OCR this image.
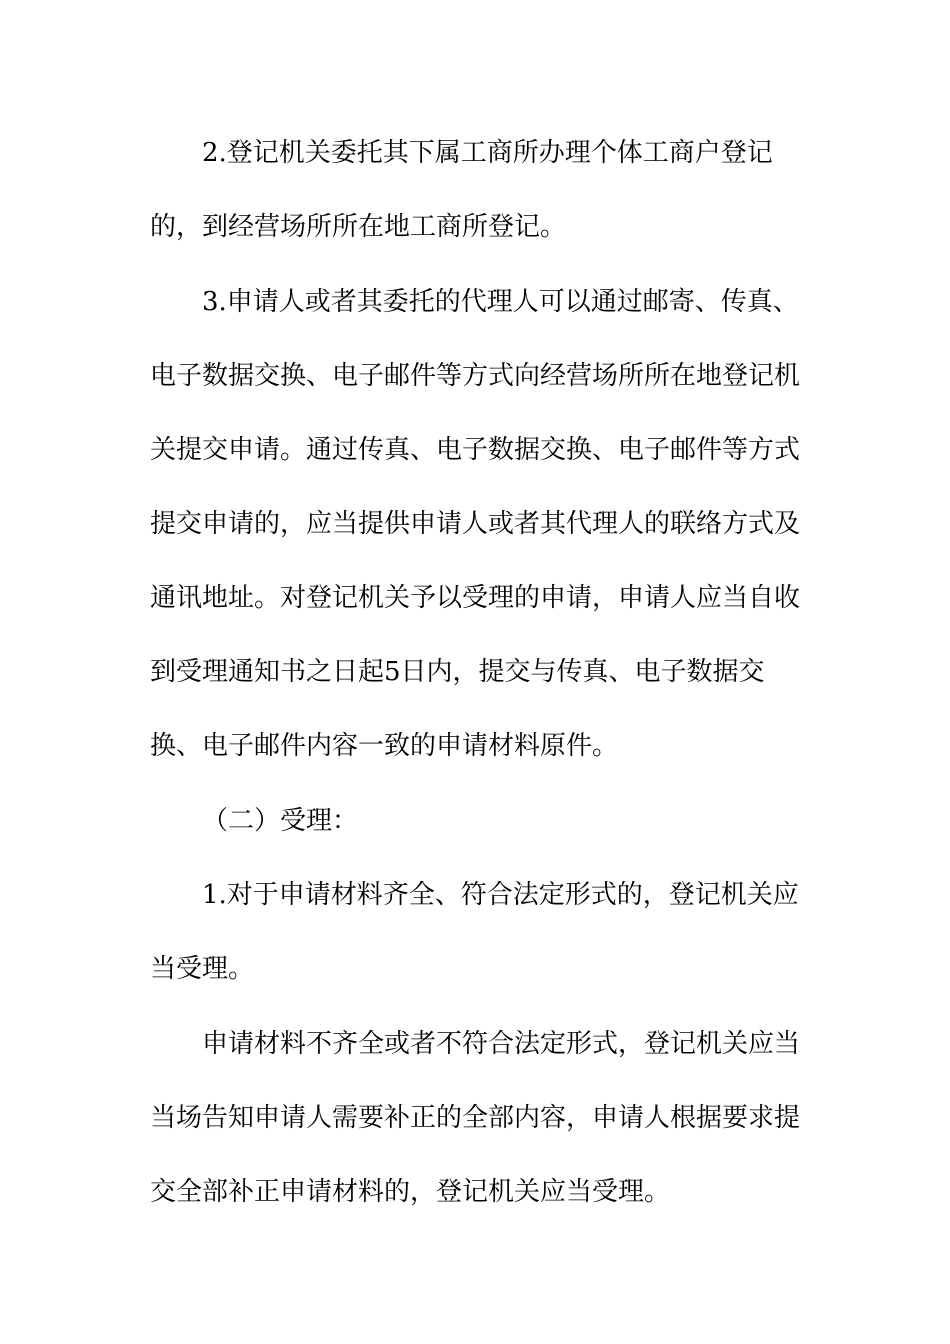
2.登记机关委托其下属工商所办理个体工商户登记
的，到经营场所所在地工商所登记。
3.申请人或者其委托的代理人可以通过邮寄、传真、
电子数据交换、电子邮件等方式向经营场所所在地登记机
关提交申请。通过传真、电子数据交换、电子邮件等方式
提交申请的，应当提供申请人或者其代理人的联络方式及
通讯地址。对登记机关予以受理的申请，申请人应当自收
到受理通知书之日起5日内，提交与传真、电子数据交
换、电子邮件内容一致的申请材料原件。
（二）受理：
1.对于申请材料齐全、符合法定形式的，登记机关应
当受理。
申请材料不齐全或者不符合法定形式，登记机关应当
当场告知申请人需要补正的全部内容，申请人根据要求提
交全部补正申请材料的，登记机关应当受理。
